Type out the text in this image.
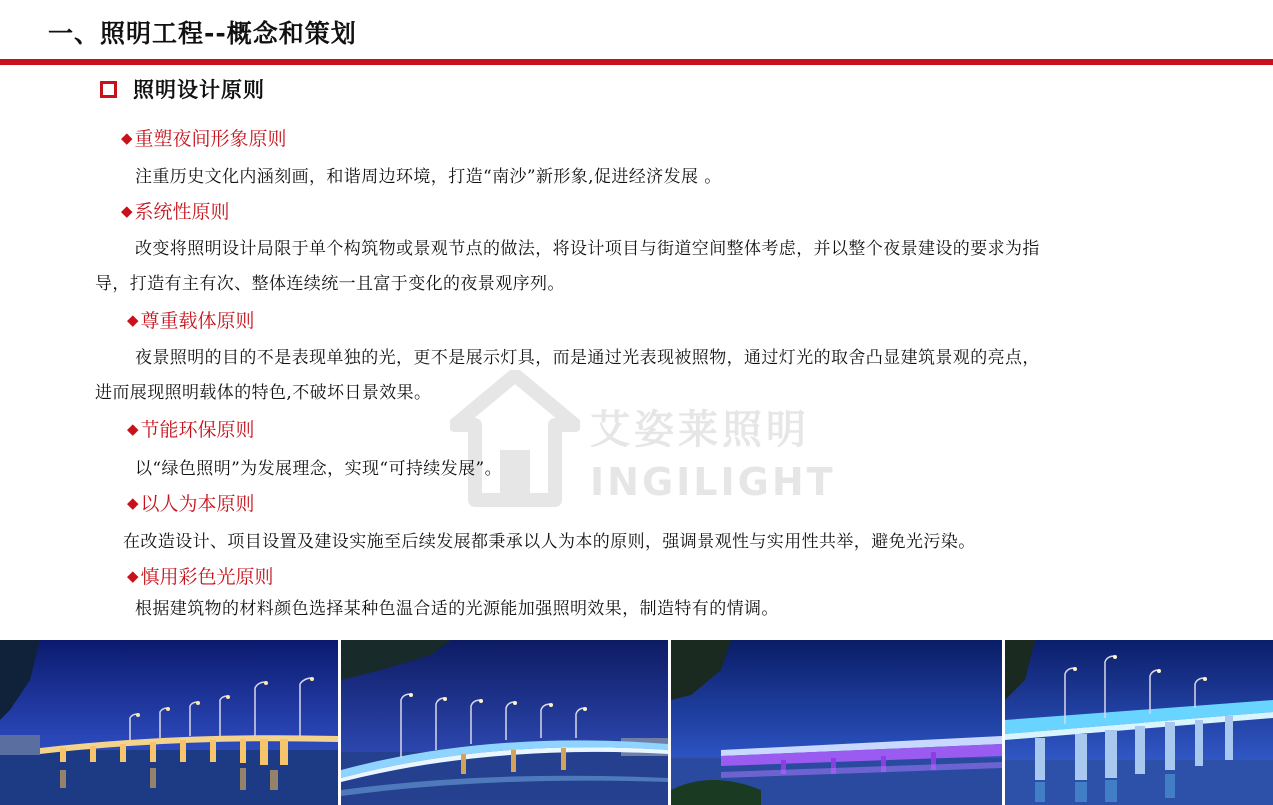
一、照明工程--概念和策划
照明设计原则
◆ 重塑夜间形象原则
注重历史文化内涵刻画，和谐周边环境，打造“南沙”新形象,促进经济发展 。
◆ 系统性原则
改变将照明设计局限于单个构筑物或景观节点的做法，将设计项目与街道空间整体考虑，并以整个夜景建设的要求为指
导，打造有主有次、整体连续统一且富于变化的夜景观序列。
◆ 尊重载体原则
夜景照明的目的不是表现单独的光，更不是展示灯具，而是通过光表现被照物，通过灯光的取舍凸显建筑景观的亮点，
进而展现照明载体的特色,不破坏日景效果。
艾姿莱照明
INGILIGHT
◆ 节能环保原则
以“绿色照明”为发展理念，实现“可持续发展”。
◆ 以人为本原则
在改造设计、项目设置及建设实施至后续发展都秉承以人为本的原则，强调景观性与实用性共举，避免光污染。
◆ 慎用彩色光原则
根据建筑物的材料颜色选择某种色温合适的光源能加强照明效果，制造特有的情调。
